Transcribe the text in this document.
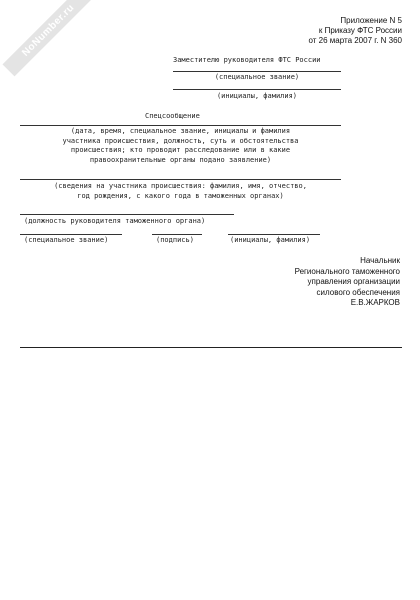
NoNumber.ru	Приложение N 5
к Приказу ФТС России
от 26 марта 2007 г. N 360
Заместителю руководителя ФТС России
(специальное звание)
(инициалы, фамилия)
Спецсообщение
(дата, время, специальное звание, инициалы и фамилия
участника происшествия, должность, суть и обстоятельства
происшествия; кто проводит расследование или в какие
правоохранительные органы подано заявление)
(сведения на участника происшествия: фамилия, имя, отчество,
год рождения, с какого года в таможенных органах)
(должность руководителя таможенного органа)
(специальное звание)	(подпись)	(инициалы, фамилия)
Начальник
Регионального таможенного
управления организации
силового обеспечения
Е.В.ЖАРКОВ
